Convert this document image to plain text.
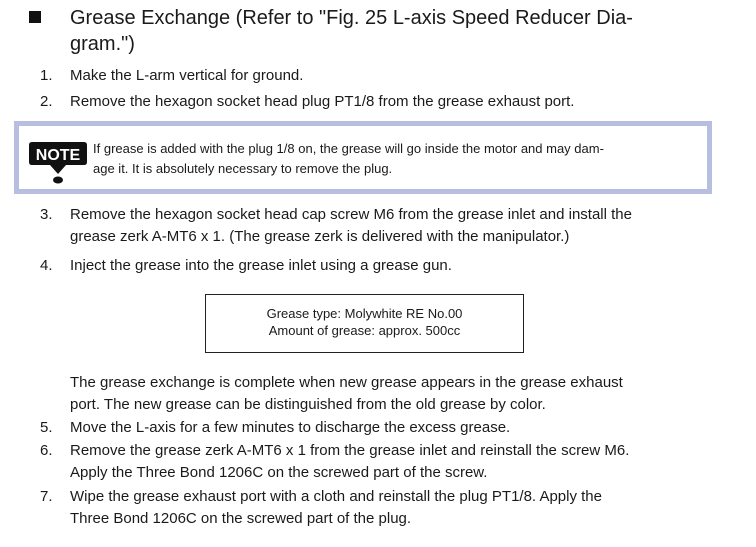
Grease Exchange (Refer to "Fig. 25 L-axis Speed Reducer Dia-
gram.")
1. Make the L-arm vertical for ground.
2. Remove the hexagon socket head plug PT1/8 from the grease exhaust port.
NOTE If grease is added with the plug 1/8 on, the grease will go inside the motor and may dam-
age it. It is absolutely necessary to remove the plug.
3. Remove the hexagon socket head cap screw M6 from the grease inlet and install the
grease zerk A-MT6 x 1. (The grease zerk is delivered with the manipulator.)
4. Inject the grease into the grease inlet using a grease gun.
Grease type: Molywhite RE No.00
Amount of grease: approx. 500cc
The grease exchange is complete when new grease appears in the grease exhaust
port. The new grease can be distinguished from the old grease by color.
5. Move the L-axis for a few minutes to discharge the excess grease.
6. Remove the grease zerk A-MT6 x 1 from the grease inlet and reinstall the screw M6.
Apply the Three Bond 1206C on the screwed part of the screw.
7. Wipe the grease exhaust port with a cloth and reinstall the plug PT1/8. Apply the
Three Bond 1206C on the screwed part of the plug.
